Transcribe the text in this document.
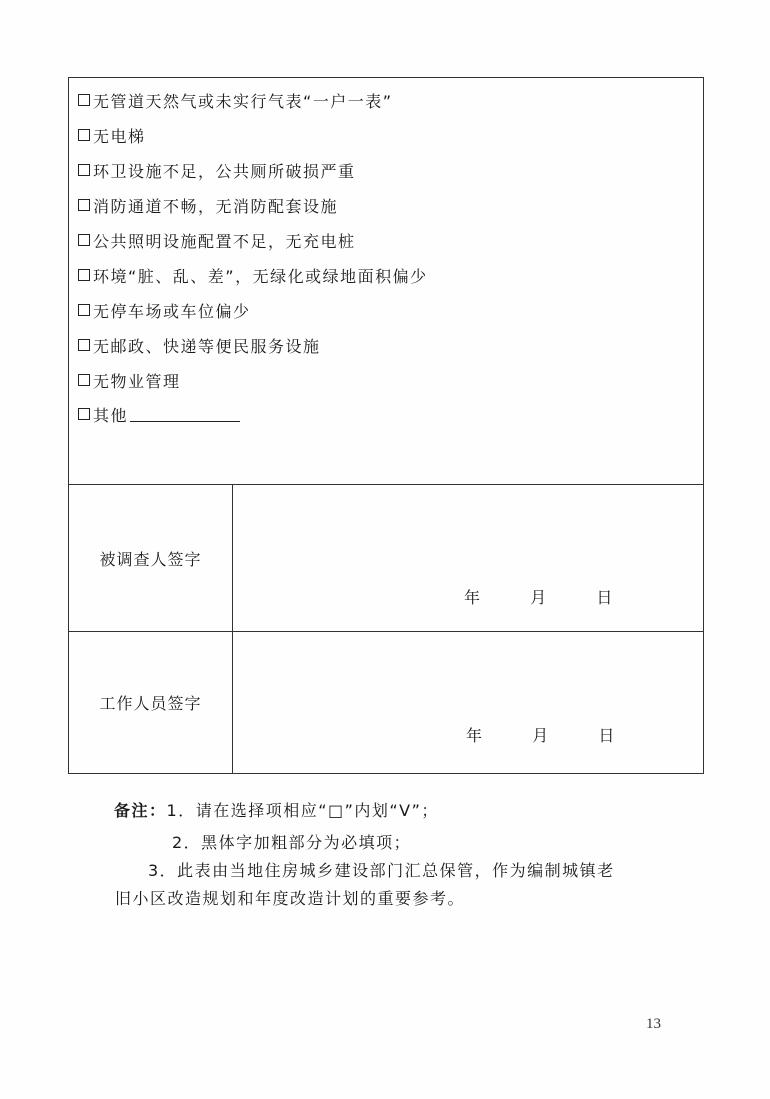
无管道天然气或未实行气表“一户一表”
无电梯
环卫设施不足，公共厕所破损严重
消防通道不畅，无消防配套设施
公共照明设施配置不足，无充电桩
环境“脏、乱、差”，无绿化或绿地面积偏少
无停车场或车位偏少
无邮政、快递等便民服务设施
无物业管理
其他
被调查人签字
年	月	日
工作人员签字
年	月	日
备注：1．请在选择项相应“□”内划“V”；
2．黑体字加粗部分为必填项；
3．此表由当地住房城乡建设部门汇总保管，作为编制城镇老
旧小区改造规划和年度改造计划的重要参考。
13
